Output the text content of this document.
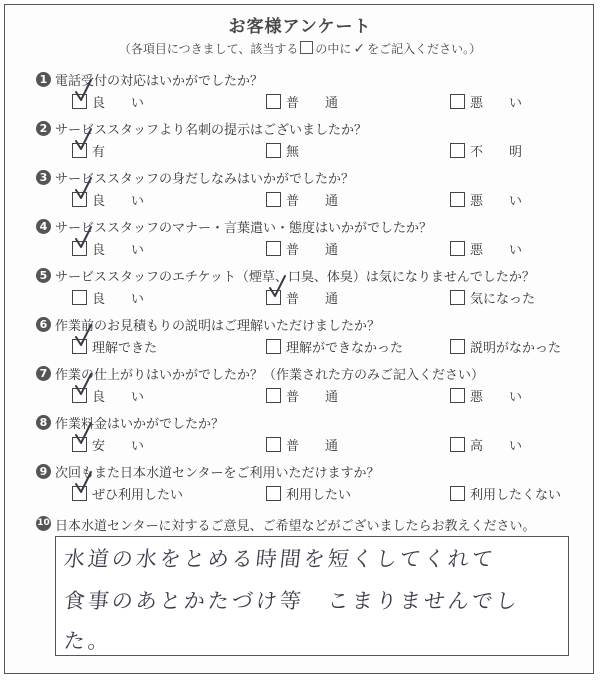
お客様アンケート
（各項目につきまして、該当する の中に ✓ をご記入ください。）
1 電話受付の対応はいかがでしたか？
良　　い	普　　通	悪　　い
2 サービススタッフより名刺の提示はございましたか？
有	無	不　　明
3 サービススタッフの身だしなみはいかがでしたか？
良　　い	普　　通	悪　　い
4 サービススタッフのマナー・言葉遣い・態度はいかがでしたか？
良　　い	普　　通	悪　　い
5 サービススタッフのエチケット（煙草、口臭、体臭）は気になりませんでしたか？
良　　い	普　　通	気になった
6 作業前のお見積もりの説明はご理解いただけましたか？
理解できた	理解ができなかった	説明がなかった
7 作業の仕上がりはいかがでしたか？（作業された方のみご記入ください）
良　　い	普　　通	悪　　い
8 作業料金はいかがでしたか？
安　　い	普　　通	高　　い
9 次回もまた日本水道センターをご利用いただけますか？
ぜひ利用したい	利用したい	利用したくない
10 日本水道センターに対するご意見、ご希望などがございましたらお教えください。
水道の水をとめる時間を短くしてくれて
食事のあとかたづけ等　こまりませんでし
た。
